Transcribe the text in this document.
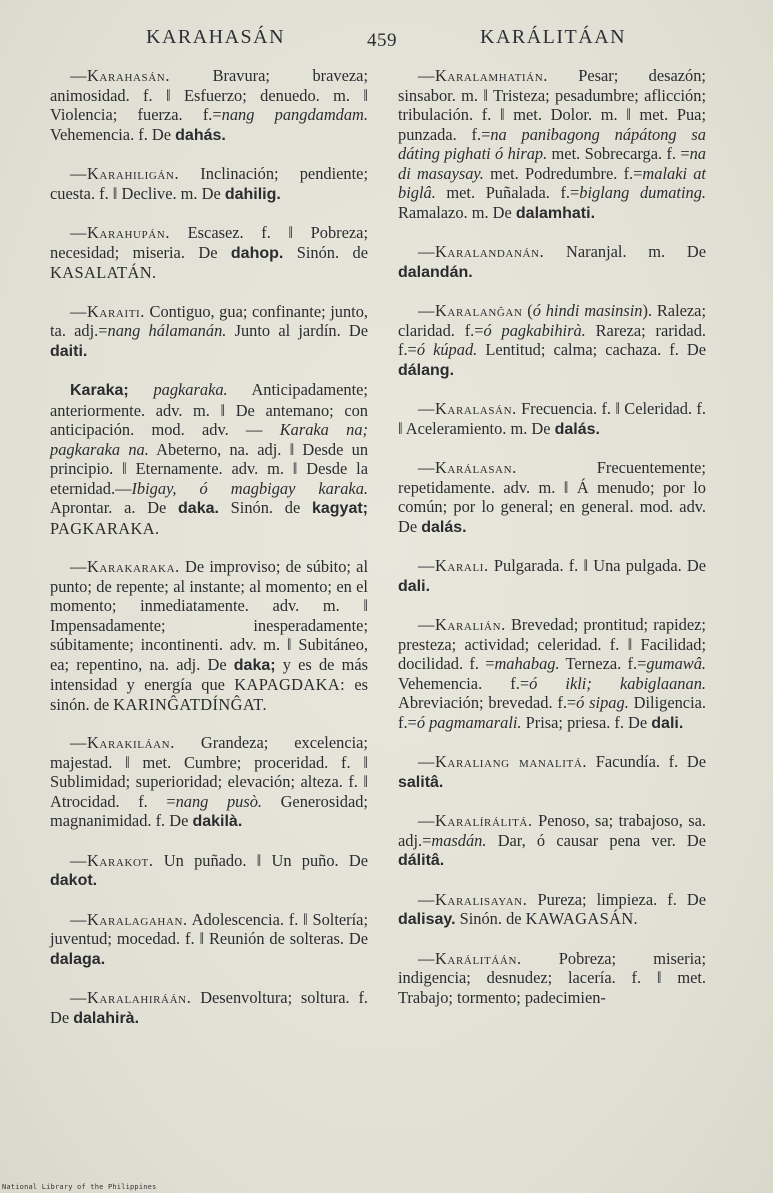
KARAHASÁN	459	KARÁLITÁAN

—Karahasán. Bravura; braveza; animosidad. f. ‖ Esfuerzo; denuedo. m. ‖ Violencia; fuerza. f.=nang pangdamdam. Vehemencia. f. De dahás.

—Karahiligán. Inclinación; pendiente; cuesta. f. ‖ Declive. m. De dahilig.

—Karahupán. Escasez. f. ‖ Pobreza; necesidad; miseria. De dahop. Sinón. de KASALATÁN.

—Karaiti. Contiguo, gua; confinante; junto, ta. adj.=nang hálamanán. Junto al jardín. De daiti.

Karaka; pagkaraka. Anticipadamente; anteriormente. adv. m. ‖ De antemano; con anticipación. mod. adv. — Karaka na; pagkaraka na. Abeterno, na. adj. ‖ Desde un principio. ‖ Eternamente. adv. m. ‖ Desde la eternidad.—Ibigay, ó magbigay karaka. Aprontar. a. De daka. Sinón. de kagyat; PAGKARAKA.

—Karakaraka. De improviso; de súbito; al punto; de repente; al instante; al momento; en el momento; inmediatamente. adv. m. ‖ Impensadamente; inesperadamente; súbitamente; incontinenti. adv. m. ‖ Subitáneo, ea; repentino, na. adj. De daka; y es de más intensidad y energía que KAPAGDAKA: es sinón. de KARINĜATDÍNĜAT.

—Karakiláan. Grandeza; excelencia; majestad. ‖ met. Cumbre; proceridad. f. ‖ Sublimidad; superioridad; elevación; alteza. f. ‖ Atrocidad. f. =nang pusò. Generosidad; magnanimidad. f. De dakilà.

—Karakot. Un puñado. ‖ Un puño. De dakot.

—Karalagahan. Adolescencia. f. ‖ Soltería; juventud; mocedad. f. ‖ Reunión de solteras. De dalaga.

—Karalahiráán. Desenvoltura; soltura. f. De dalahirà.

—Karalamhatián. Pesar; desazón; sinsabor. m. ‖ Tristeza; pesadumbre; aflicción; tribulación. f. ‖ met. Dolor. m. ‖ met. Pua; punzada. f.=na panibagong nápátong sa dáting pighati ó hirap. met. Sobrecarga. f. =na di masaysay. met. Podredumbre. f.=malaki at biglâ. met. Puñalada. f.=biglang dumating. Ramalazo. m. De dalamhati.

—Karalandanán. Naranjal. m. De dalandán.

—Karalanĝan (ó hindi masinsin). Raleza; claridad. f.=ó pagkabihirà. Rareza; raridad. f.=ó kúpad. Lentitud; calma; cachaza. f. De dálang.

—Karalasán. Frecuencia. f. ‖ Celeridad. f. ‖ Aceleramiento. m. De dalás.

—Karálasan. Frecuentemente; repetidamente. adv. m. ‖ Á menudo; por lo común; por lo general; en general. mod. adv. De dalás.

—Karali. Pulgarada. f. ‖ Una pulgada. De dali.

—Karalián. Brevedad; prontitud; rapidez; presteza; actividad; celeridad. f. ‖ Facilidad; docilidad. f. =mahabag. Terneza. f.=gumawâ. Vehemencia. f.=ó ikli; kabiglaanan. Abreviación; brevedad. f.=ó sipag. Diligencia. f.=ó pagmamarali. Prisa; priesa. f. De dali.

—Karaliang manalitá. Facundía. f. De salitâ.

—Karalírálitá. Penoso, sa; trabajoso, sa. adj.=masdán. Dar, ó causar pena ver. De dálitâ.

—Karalisayan. Pureza; limpieza. f. De dalisay. Sinón. de KAWAGASÁN.

—Karálitáán. Pobreza; miseria; indigencia; desnudez; lacería. f. ‖ met. Trabajo; tormento; padecimien-

National Library of the Philippines
